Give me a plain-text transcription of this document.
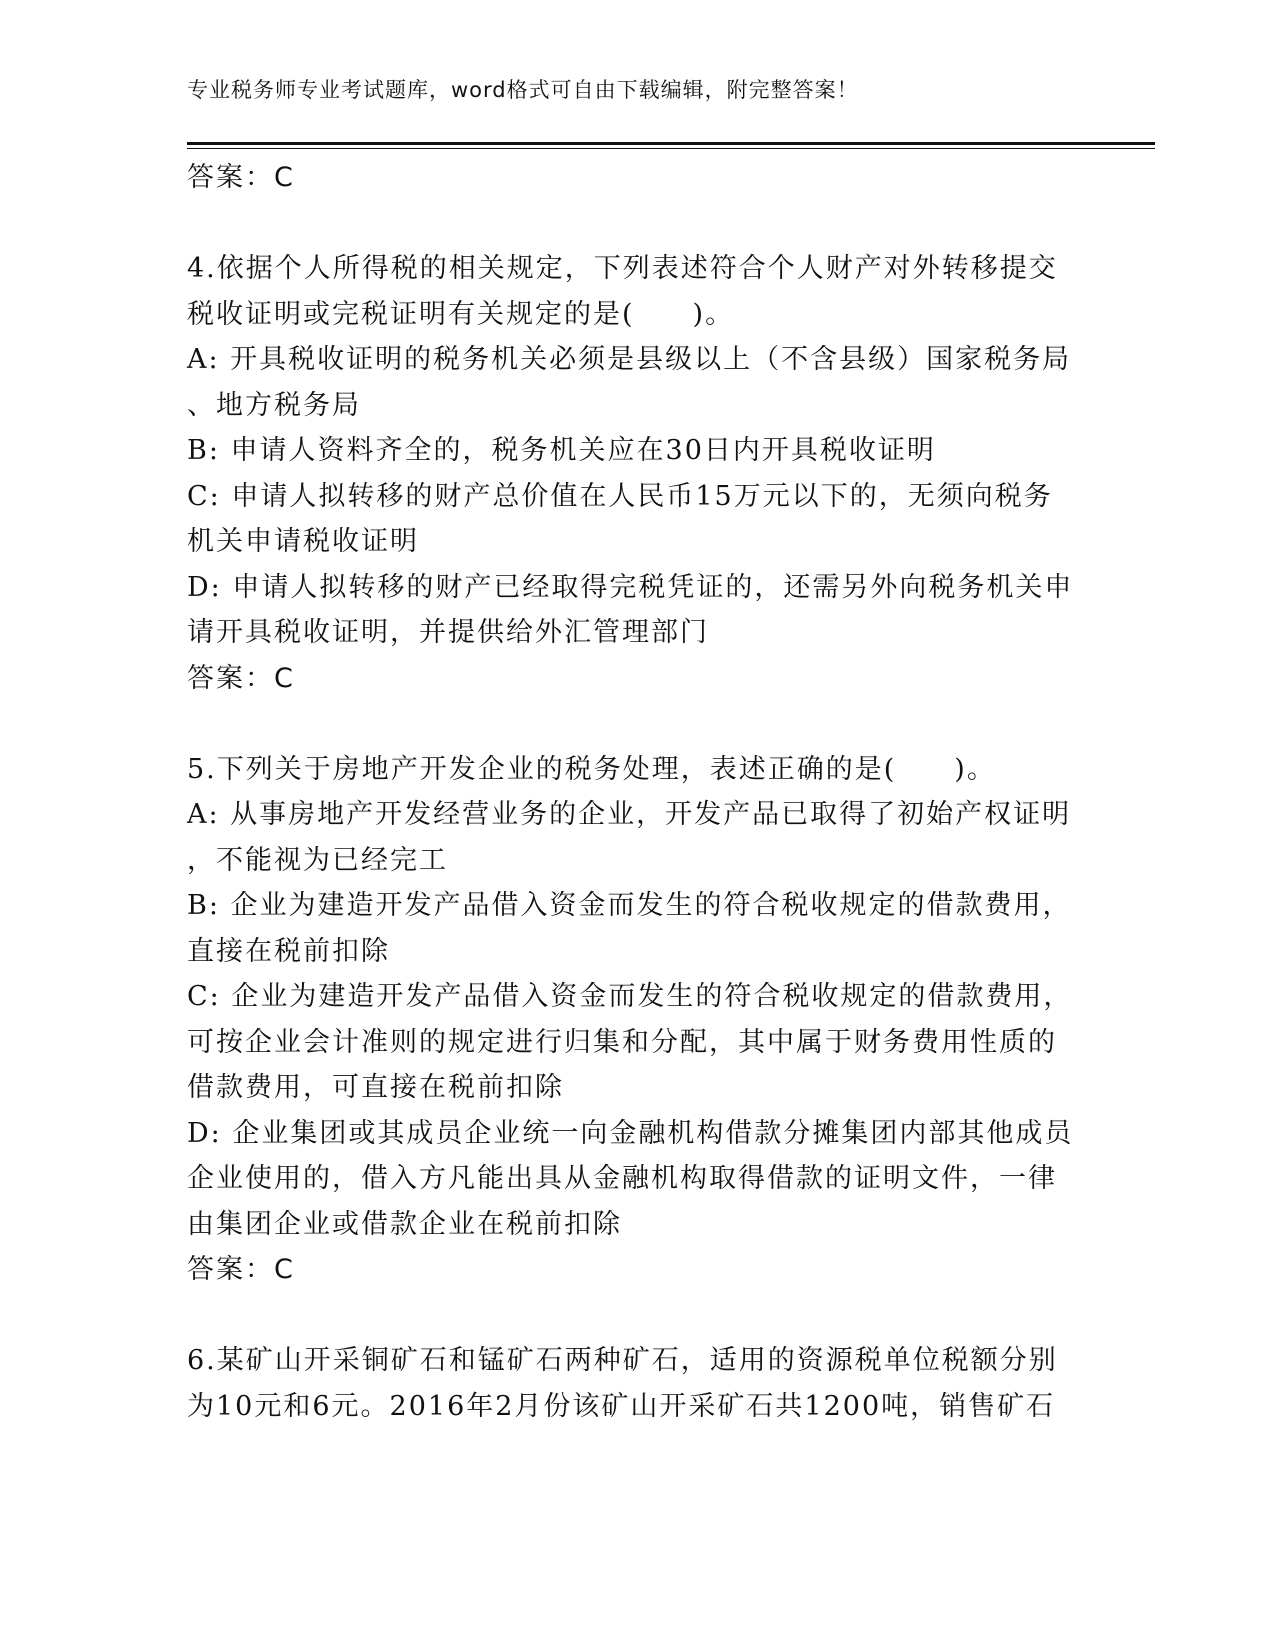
专业税务师专业考试题库，word格式可自由下载编辑，附完整答案！
答案：C
4.依据个人所得税的相关规定，下列表述符合个人财产对外转移提交
税收证明或完税证明有关规定的是(　　)。
A: 开具税收证明的税务机关必须是县级以上（不含县级）国家税务局
、地方税务局
B: 申请人资料齐全的，税务机关应在30日内开具税收证明
C: 申请人拟转移的财产总价值在人民币15万元以下的，无须向税务
机关申请税收证明
D: 申请人拟转移的财产已经取得完税凭证的，还需另外向税务机关申
请开具税收证明，并提供给外汇管理部门
答案：C
5.下列关于房地产开发企业的税务处理，表述正确的是(　　)。
A: 从事房地产开发经营业务的企业，开发产品已取得了初始产权证明
，不能视为已经完工
B: 企业为建造开发产品借入资金而发生的符合税收规定的借款费用，
直接在税前扣除
C: 企业为建造开发产品借入资金而发生的符合税收规定的借款费用，
可按企业会计准则的规定进行归集和分配，其中属于财务费用性质的
借款费用，可直接在税前扣除
D: 企业集团或其成员企业统一向金融机构借款分摊集团内部其他成员
企业使用的，借入方凡能出具从金融机构取得借款的证明文件，一律
由集团企业或借款企业在税前扣除
答案：C
6.某矿山开采铜矿石和锰矿石两种矿石，适用的资源税单位税额分别
为10元和6元。2016年2月份该矿山开采矿石共1200吨，销售矿石
